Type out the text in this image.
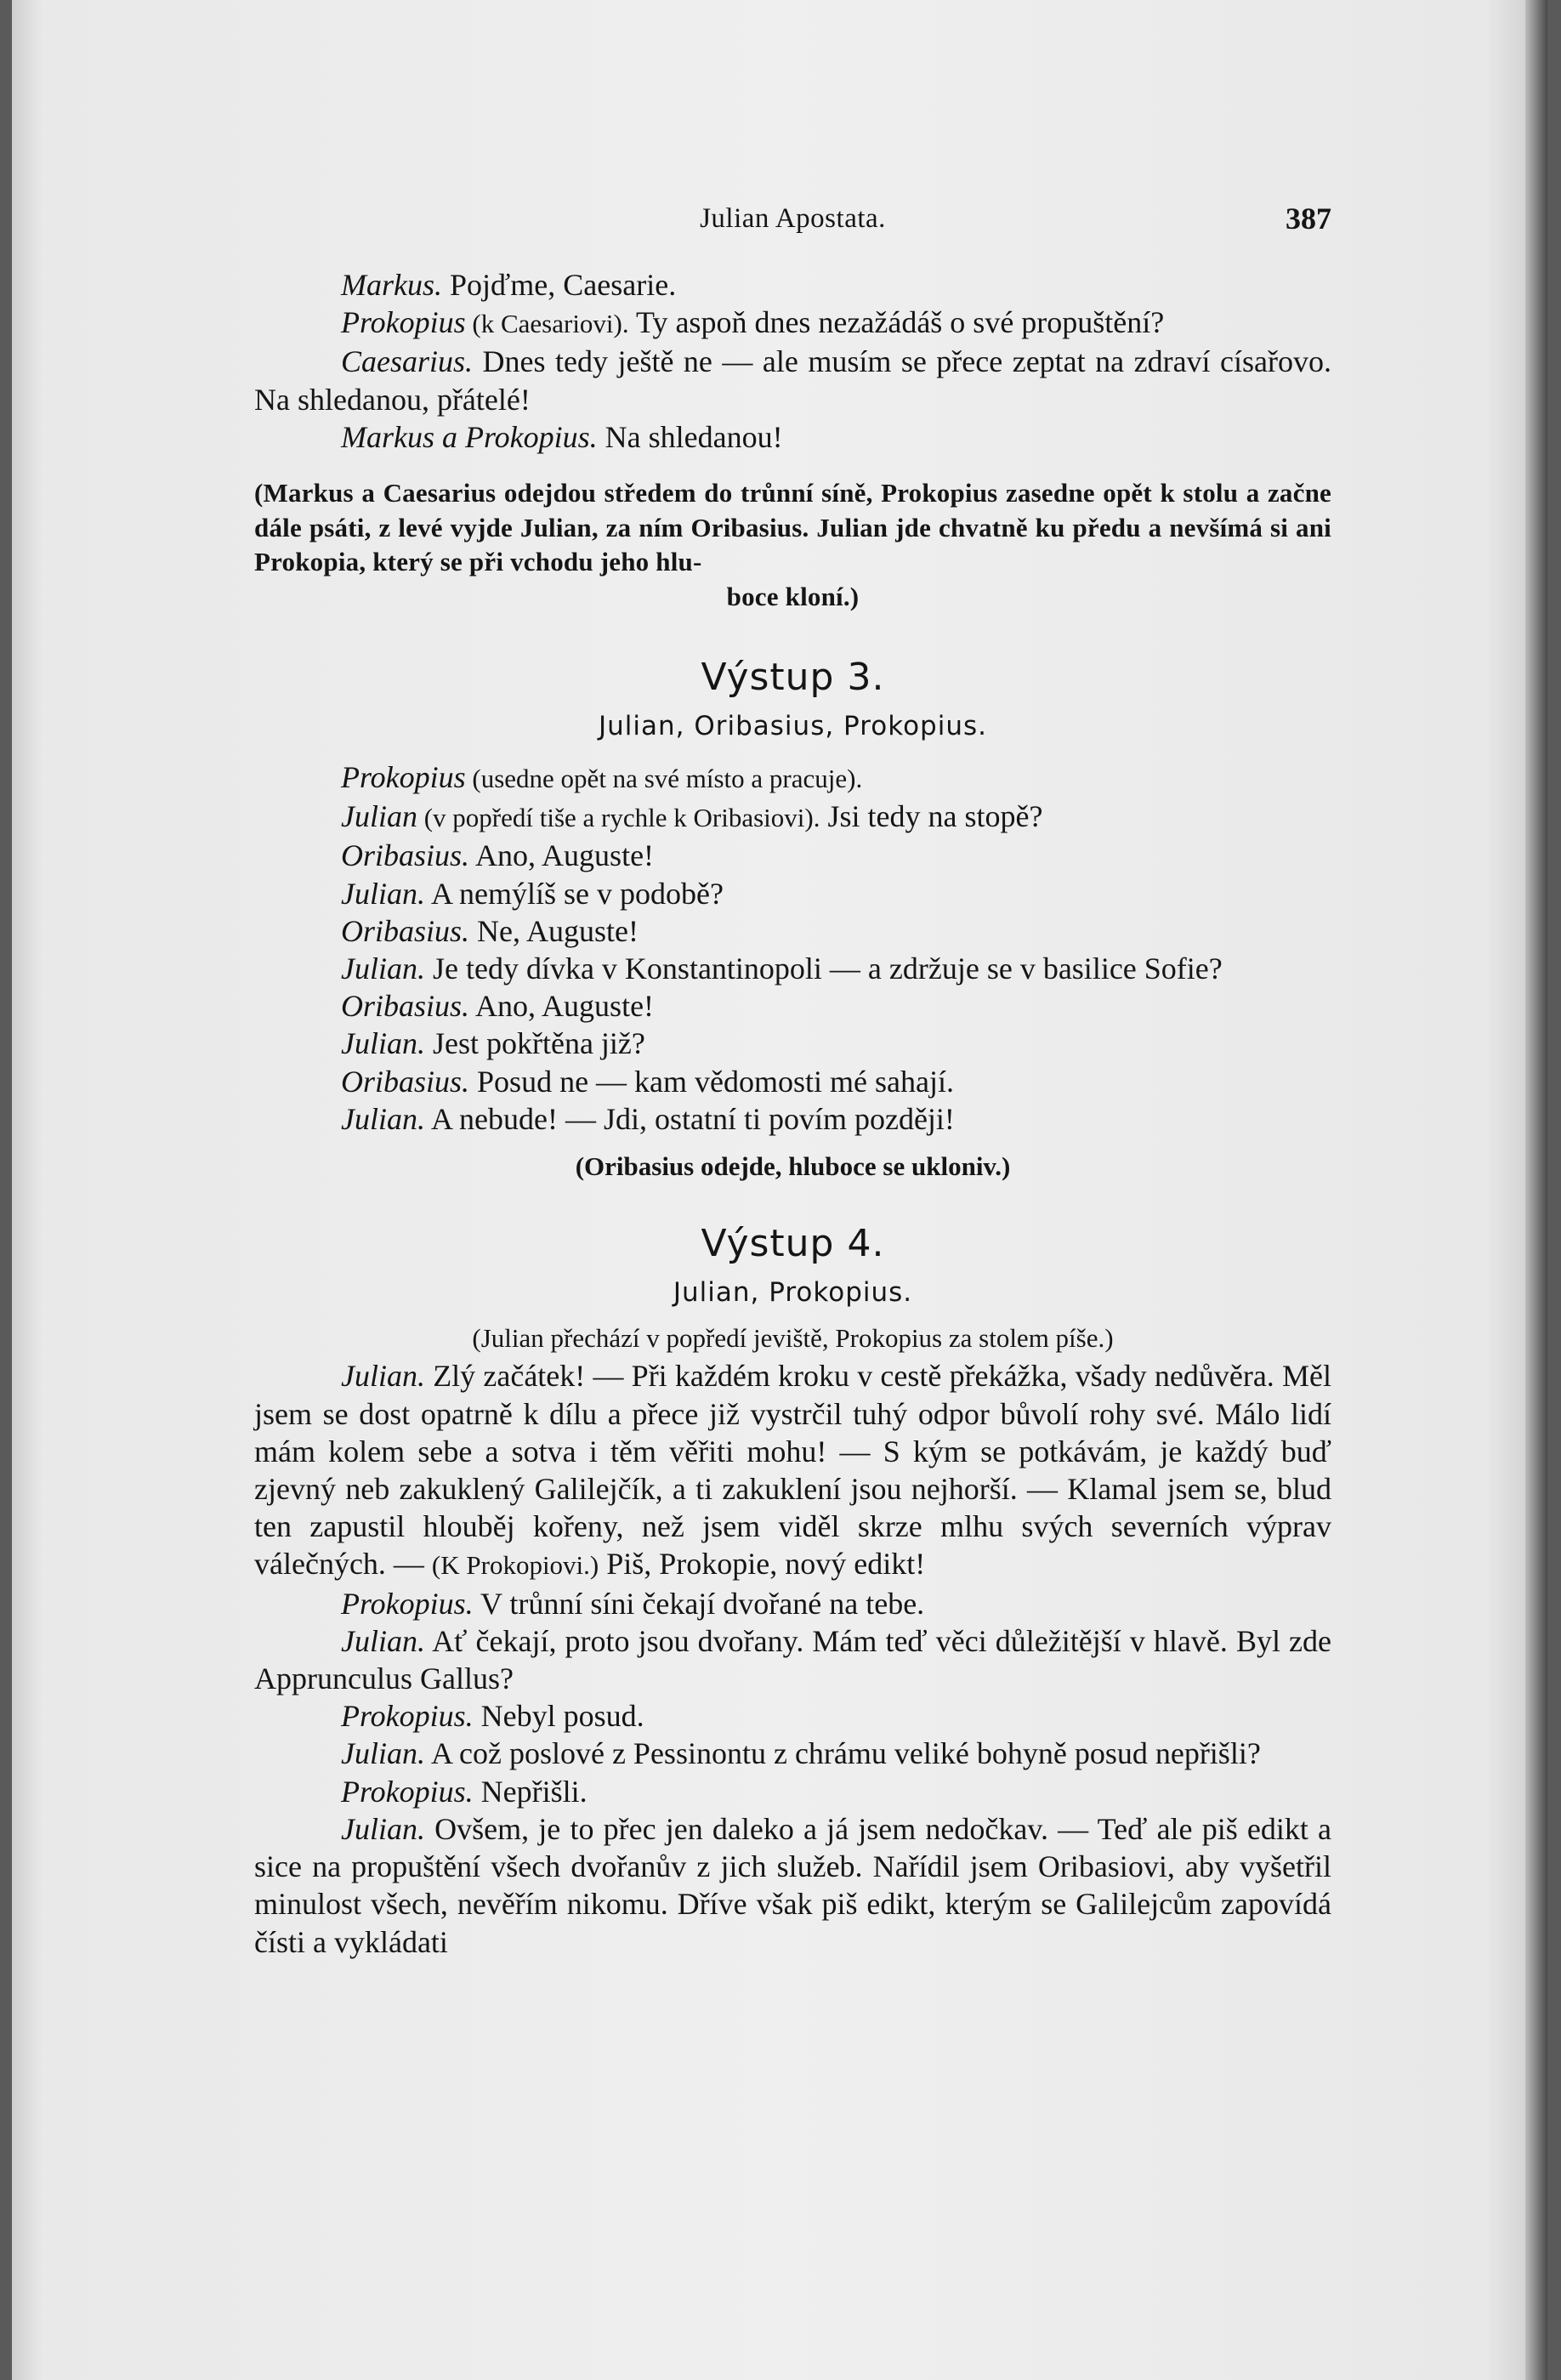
Julian Apostata.	387

Markus. Pojďme, Caesarie.

Prokopius (k Caesariovi). Ty aspoň dnes nezažádáš o své propuštění?

Caesarius. Dnes tedy ještě ne — ale musím se přece zeptat na zdraví císařovo. Na shledanou, přátelé!

Markus a Prokopius. Na shledanou!

(Markus a Caesarius odejdou středem do trůnní síně, Prokopius zasedne opět k stolu a začne dále psáti, z levé vyjde Julian, za ním Oribasius. Julian jde chvatně ku předu a nevšímá si ani Prokopia, který se při vchodu jeho hlu-
boce kloní.)

Výstup 3.

Julian, Oribasius, Prokopius.

Prokopius (usedne opět na své místo a pracuje).

Julian (v popředí tiše a rychle k Oribasiovi). Jsi tedy na stopě?

Oribasius. Ano, Auguste!

Julian. A nemýlíš se v podobě?

Oribasius. Ne, Auguste!

Julian. Je tedy dívka v Konstantinopoli — a zdržuje se v basilice Sofie?

Oribasius. Ano, Auguste!

Julian. Jest pokřtěna již?

Oribasius. Posud ne — kam vědomosti mé sahají.

Julian. A nebude! — Jdi, ostatní ti povím později!

(Oribasius odejde, hluboce se ukloniv.)

Výstup 4.

Julian, Prokopius.

(Julian přechází v popředí jeviště, Prokopius za stolem píše.)

Julian. Zlý začátek! — Při každém kroku v cestě překážka, všady nedůvěra. Měl jsem se dost opatrně k dílu a přece již vystrčil tuhý odpor bůvolí rohy své. Málo lidí mám kolem sebe a sotva i těm věřiti mohu! — S kým se potkávám, je každý buď zjevný neb zakuklený Galilejčík, a ti zakuklení jsou nejhorší. — Klamal jsem se, blud ten zapustil hlouběj kořeny, než jsem viděl skrze mlhu svých severních výprav válečných. — (K Prokopiovi.) Piš, Prokopie, nový edikt!

Prokopius. V trůnní síni čekají dvořané na tebe.

Julian. Ať čekají, proto jsou dvořany. Mám teď věci důležitější v hlavě. Byl zde Apprunculus Gallus?

Prokopius. Nebyl posud.

Julian. A což poslové z Pessinontu z chrámu veliké bohyně posud nepřišli?

Prokopius. Nepřišli.

Julian. Ovšem, je to přec jen daleko a já jsem nedočkav. — Teď ale piš edikt a sice na propuštění všech dvořanův z jich služeb. Nařídil jsem Oribasiovi, aby vyšetřil minulost všech, nevěřím nikomu. Dříve však piš edikt, kterým se Galilejcům zapovídá čísti a vykládati
